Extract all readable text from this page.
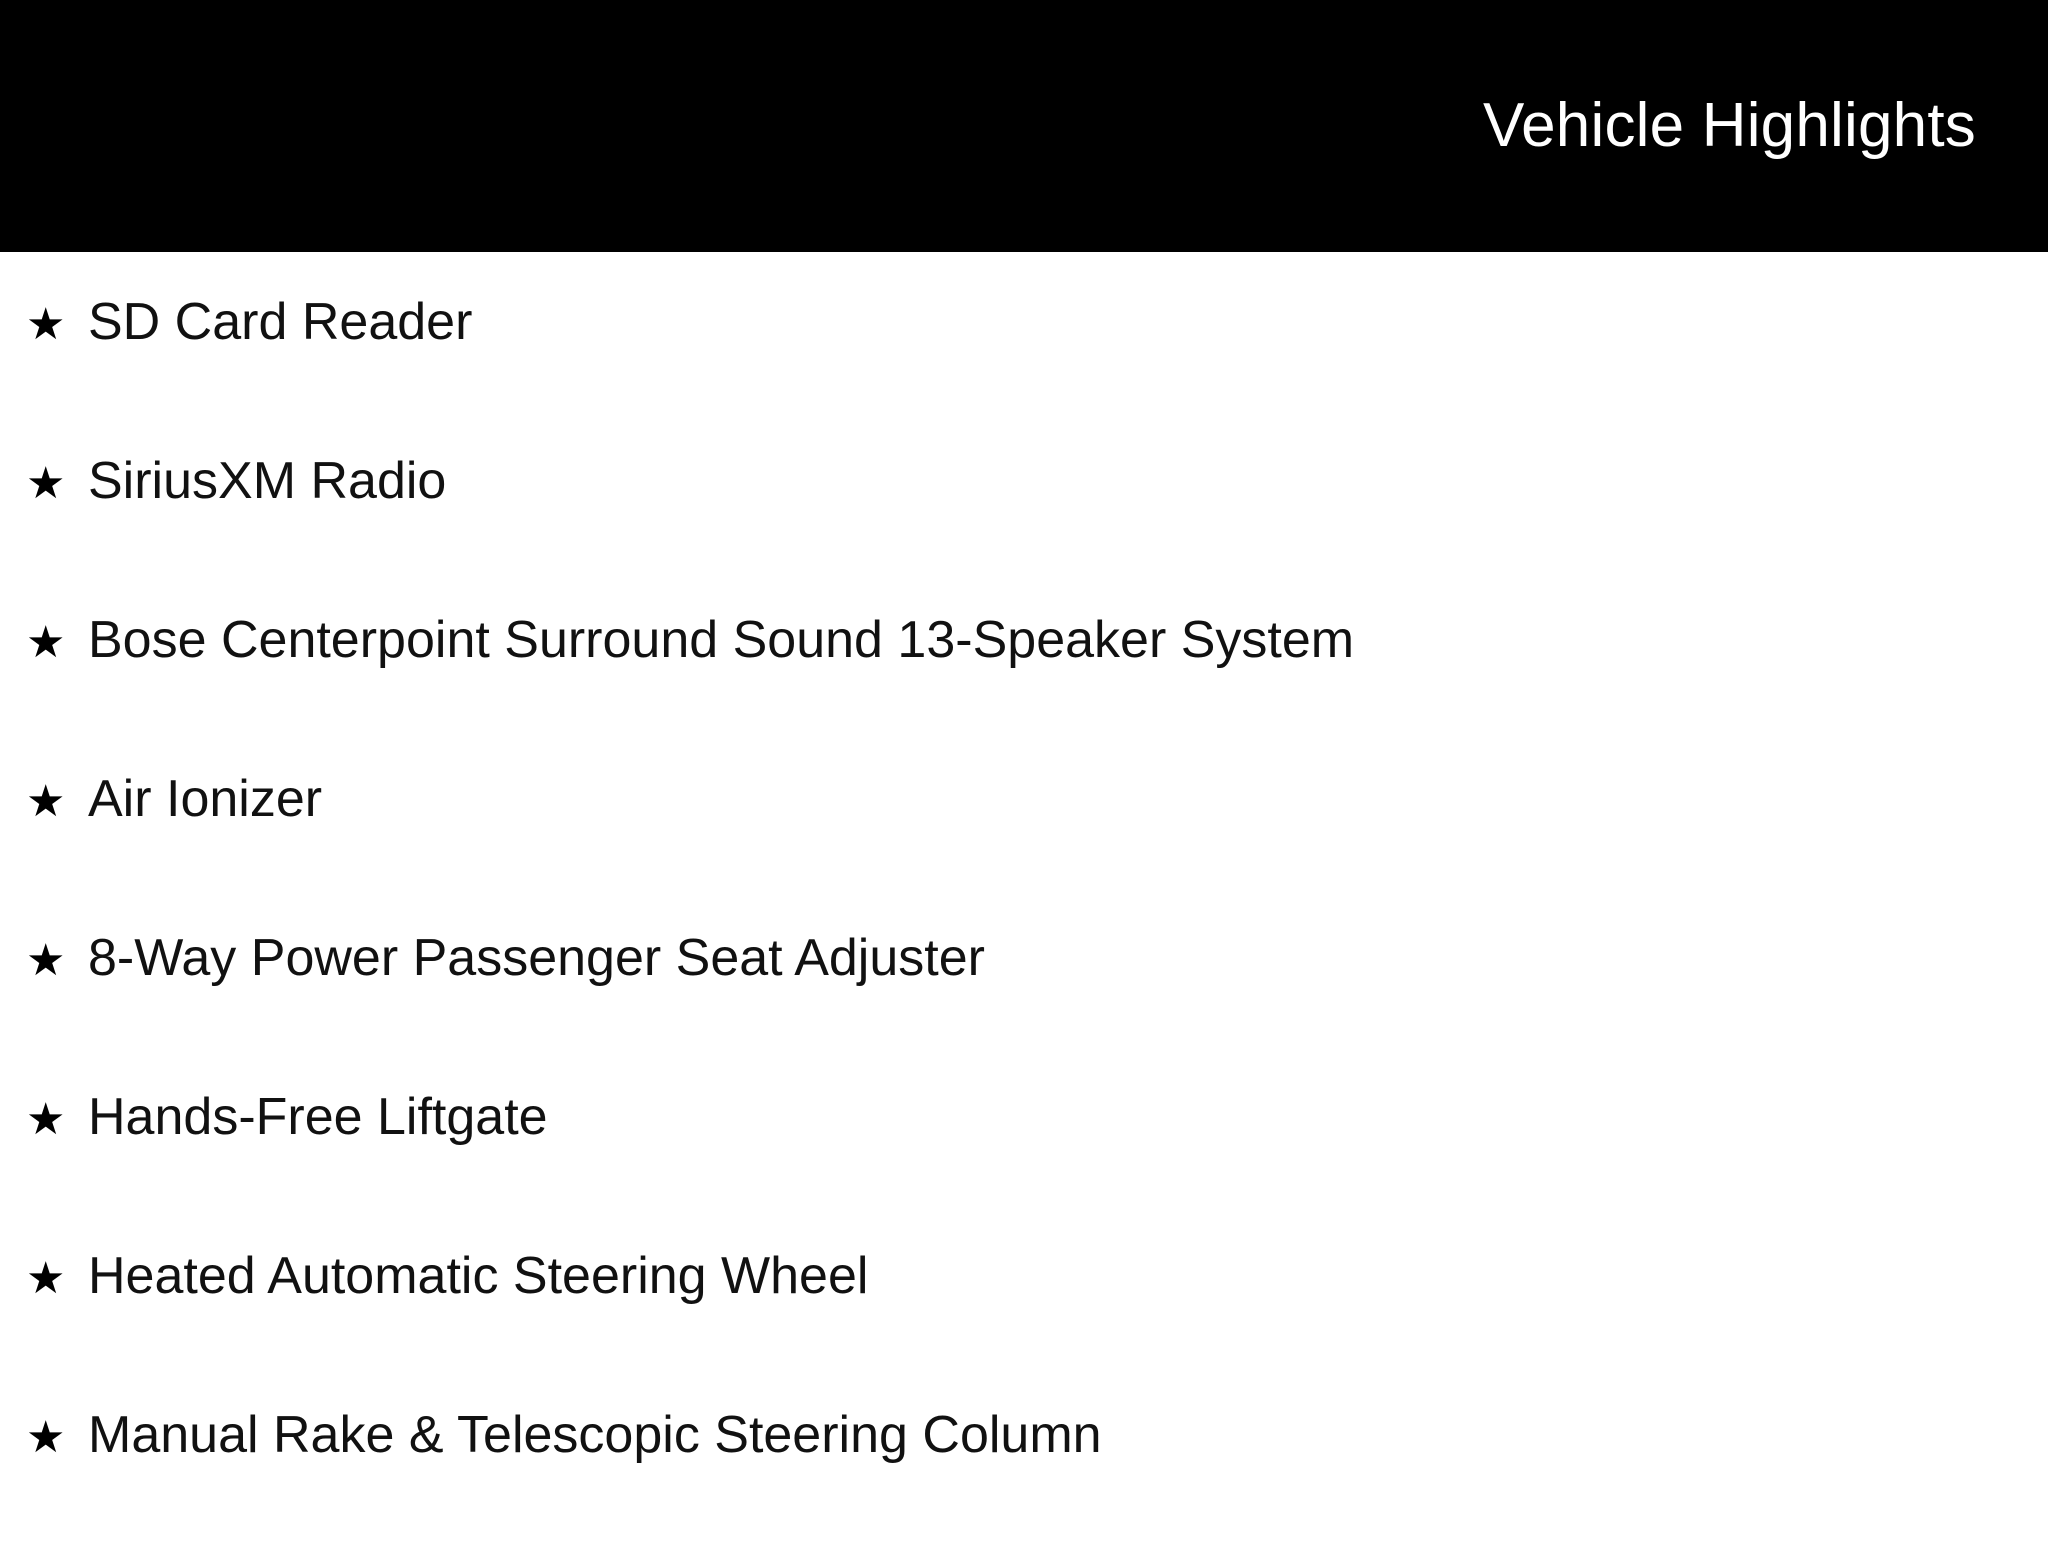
Vehicle Highlights
★ SD Card Reader
★ SiriusXM Radio
★ Bose Centerpoint Surround Sound 13-Speaker System
★ Air Ionizer
★ 8-Way Power Passenger Seat Adjuster
★ Hands-Free Liftgate
★ Heated Automatic Steering Wheel
★ Manual Rake & Telescopic Steering Column
